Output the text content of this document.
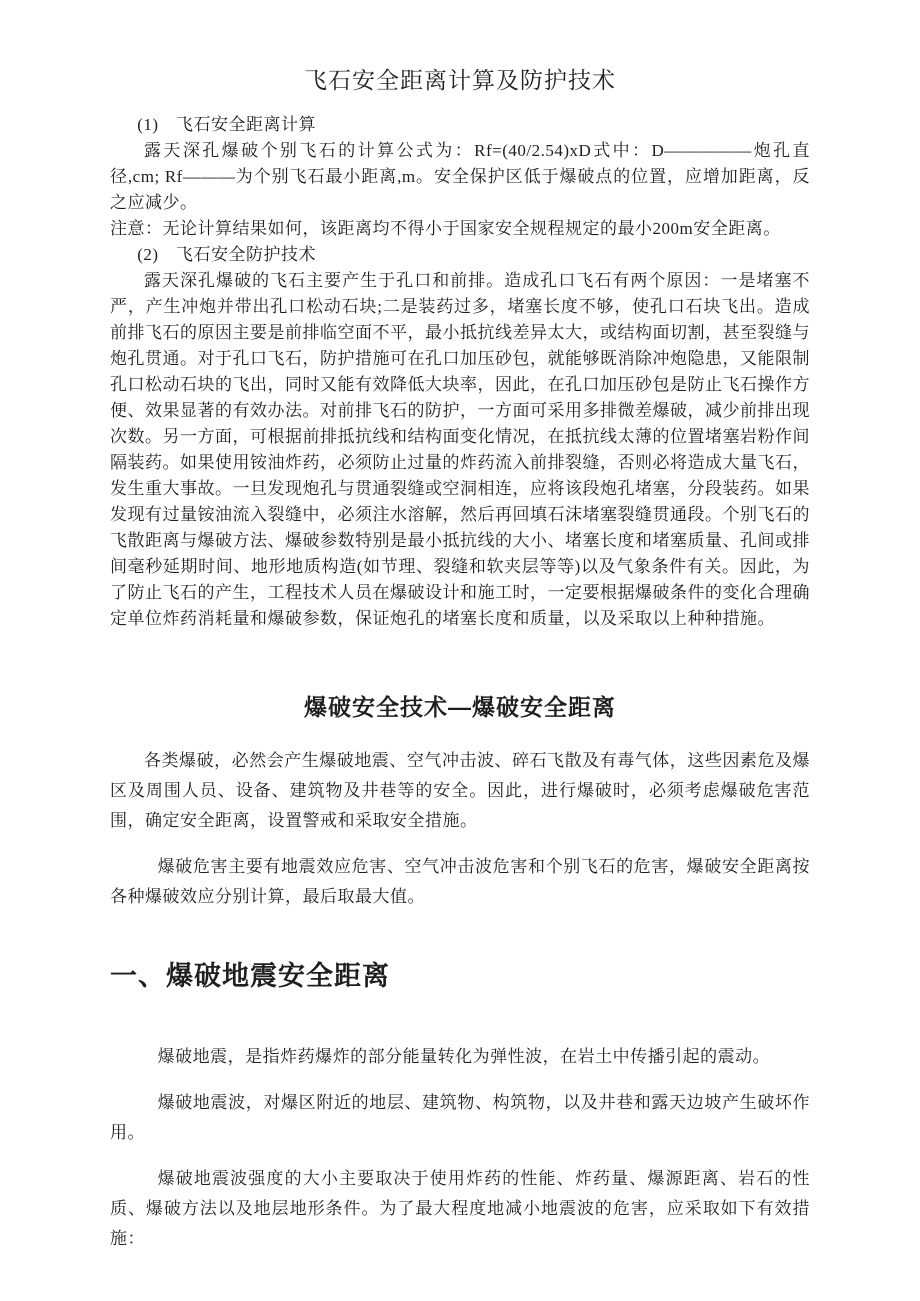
飞石安全距离计算及防护技术

(1)　飞石安全距离计算

露天深孔爆破个别飞石的计算公式为：Rf=(40/2.54)xD式中：D—————炮孔直径,cm; Rf———为个别飞石最小距离,m。安全保护区低于爆破点的位置，应增加距离，反之应减少。

注意：无论计算结果如何，该距离均不得小于国家安全规程规定的最小200m安全距离。

(2)　飞石安全防护技术

露天深孔爆破的飞石主要产生于孔口和前排。造成孔口飞石有两个原因：一是堵塞不严，产生冲炮并带出孔口松动石块;二是装药过多，堵塞长度不够，使孔口石块飞出。造成前排飞石的原因主要是前排临空面不平，最小抵抗线差异太大，或结构面切割，甚至裂缝与炮孔贯通。对于孔口飞石，防护措施可在孔口加压砂包，就能够既消除冲炮隐患，又能限制孔口松动石块的飞出，同时又能有效降低大块率，因此，在孔口加压砂包是防止飞石操作方便、效果显著的有效办法。对前排飞石的防护，一方面可采用多排微差爆破，减少前排出现次数。另一方面，可根据前排抵抗线和结构面变化情况，在抵抗线太薄的位置堵塞岩粉作间隔装药。如果使用铵油炸药，必须防止过量的炸药流入前排裂缝，否则必将造成大量飞石，发生重大事故。一旦发现炮孔与贯通裂缝或空洞相连，应将该段炮孔堵塞，分段装药。如果发现有过量铵油流入裂缝中，必须注水溶解，然后再回填石沫堵塞裂缝贯通段。个别飞石的飞散距离与爆破方法、爆破参数特别是最小抵抗线的大小、堵塞长度和堵塞质量、孔间或排间毫秒延期时间、地形地质构造(如节理、裂缝和软夹层等等)以及气象条件有关。因此，为了防止飞石的产生，工程技术人员在爆破设计和施工时，一定要根据爆破条件的变化合理确定单位炸药消耗量和爆破参数，保证炮孔的堵塞长度和质量，以及采取以上种种措施。

爆破安全技术—爆破安全距离

各类爆破，必然会产生爆破地震、空气冲击波、碎石飞散及有毒气体，这些因素危及爆区及周围人员、设备、建筑物及井巷等的安全。因此，进行爆破时，必须考虑爆破危害范围，确定安全距离，设置警戒和采取安全措施。

爆破危害主要有地震效应危害、空气冲击波危害和个别飞石的危害，爆破安全距离按各种爆破效应分别计算，最后取最大值。

一、爆破地震安全距离

爆破地震，是指炸药爆炸的部分能量转化为弹性波，在岩土中传播引起的震动。

爆破地震波，对爆区附近的地层、建筑物、构筑物，以及井巷和露天边坡产生破坏作用。

爆破地震波强度的大小主要取决于使用炸药的性能、炸药量、爆源距离、岩石的性质、爆破方法以及地层地形条件。为了最大程度地减小地震波的危害，应采取如下有效措施：
